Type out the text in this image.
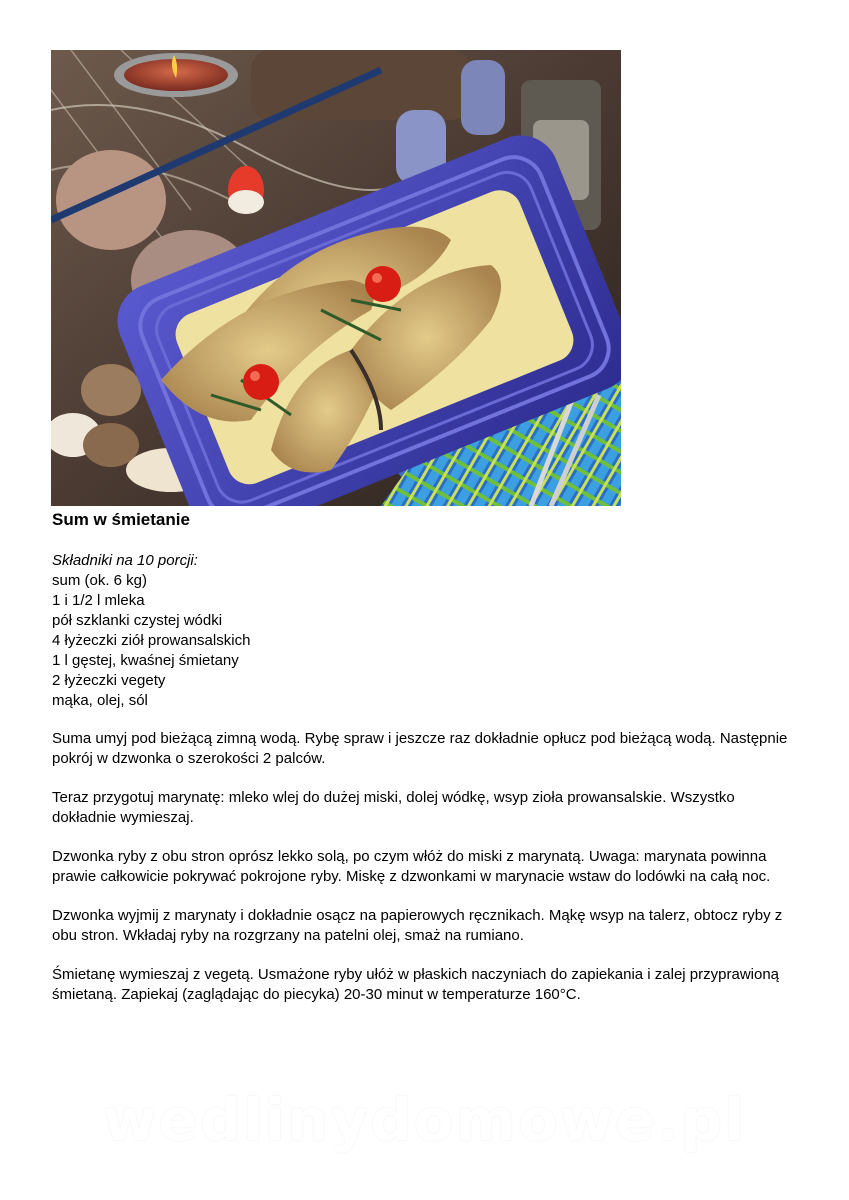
Sum w śmietanie
Składniki na 10 porcji:
sum (ok. 6 kg)
1 i 1/2 l mleka
pół szklanki czystej wódki
4 łyżeczki ziół prowansalskich
1 l gęstej, kwaśnej śmietany
2 łyżeczki vegety
mąka, olej, sól

Suma umyj pod bieżącą zimną wodą. Rybę spraw i jeszcze raz dokładnie opłucz pod bieżącą wodą. Następnie pokrój w dzwonka o szerokości 2 palców.

Teraz przygotuj marynatę: mleko wlej do dużej miski, dolej wódkę, wsyp zioła prowansalskie. Wszystko dokładnie wymieszaj.

Dzwonka ryby z obu stron oprósz lekko solą, po czym włóż do miski z marynatą. Uwaga: marynata powinna prawie całkowicie pokrywać pokrojone ryby. Miskę z dzwonkami w marynacie wstaw do lodówki na całą noc.

Dzwonka wyjmij z marynaty i dokładnie osącz na papierowych ręcznikach. Mąkę wsyp na talerz, obtocz ryby z obu stron. Wkładaj ryby na rozgrzany na patelni olej, smaż na rumiano.

Śmietanę wymieszaj z vegetą. Usmażone ryby ułóż w płaskich naczyniach do zapiekania i zalej przyprawioną śmietaną. Zapiekaj (zaglądając do piecyka) 20-30 minut w temperaturze 160°C.

wedlinydomowe.pl
